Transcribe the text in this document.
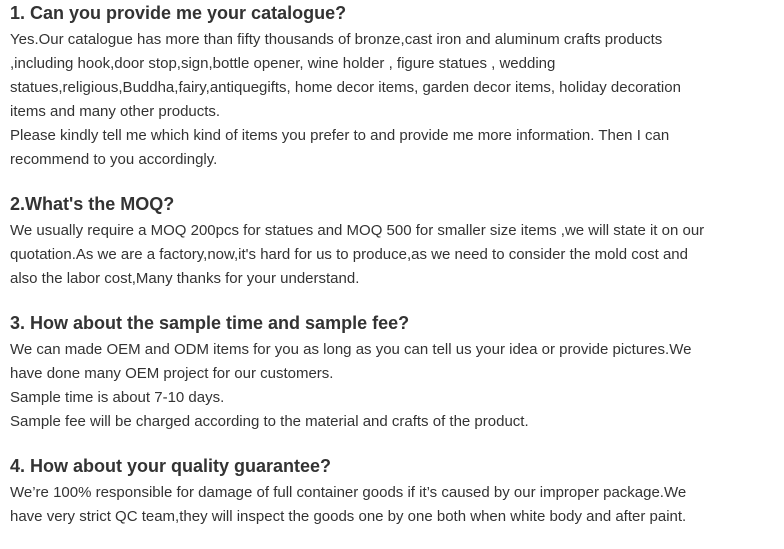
1. Can you provide me your catalogue?
Yes.Our catalogue has more than fifty thousands of bronze,cast iron and aluminum crafts products
,including hook,door stop,sign,bottle opener, wine holder , figure statues , wedding
statues,religious,Buddha,fairy,antiquegifts, home decor items, garden decor items, holiday decoration
items and many other products.
Please kindly tell me which kind of items you prefer to and provide me more information. Then I can
recommend to you accordingly.
2.What's the MOQ?
We usually require a MOQ 200pcs for statues and MOQ 500 for smaller size items ,we will state it on our
quotation.As we are a factory,now,it's hard for us to produce,as we need to consider the mold cost and
also the labor cost,Many thanks for your understand.
3. How about the sample time and sample fee?
We can made OEM and ODM items for you as long as you can tell us your idea or provide pictures.We
have done many OEM project for our customers.
Sample time is about 7-10 days.
Sample fee will be charged according to the material and crafts of the product.
4. How about your quality guarantee?
We’re 100% responsible for damage of full container goods if it’s caused by our improper package.We
have very strict QC team,they will inspect the goods one by one both when white body and after paint.
